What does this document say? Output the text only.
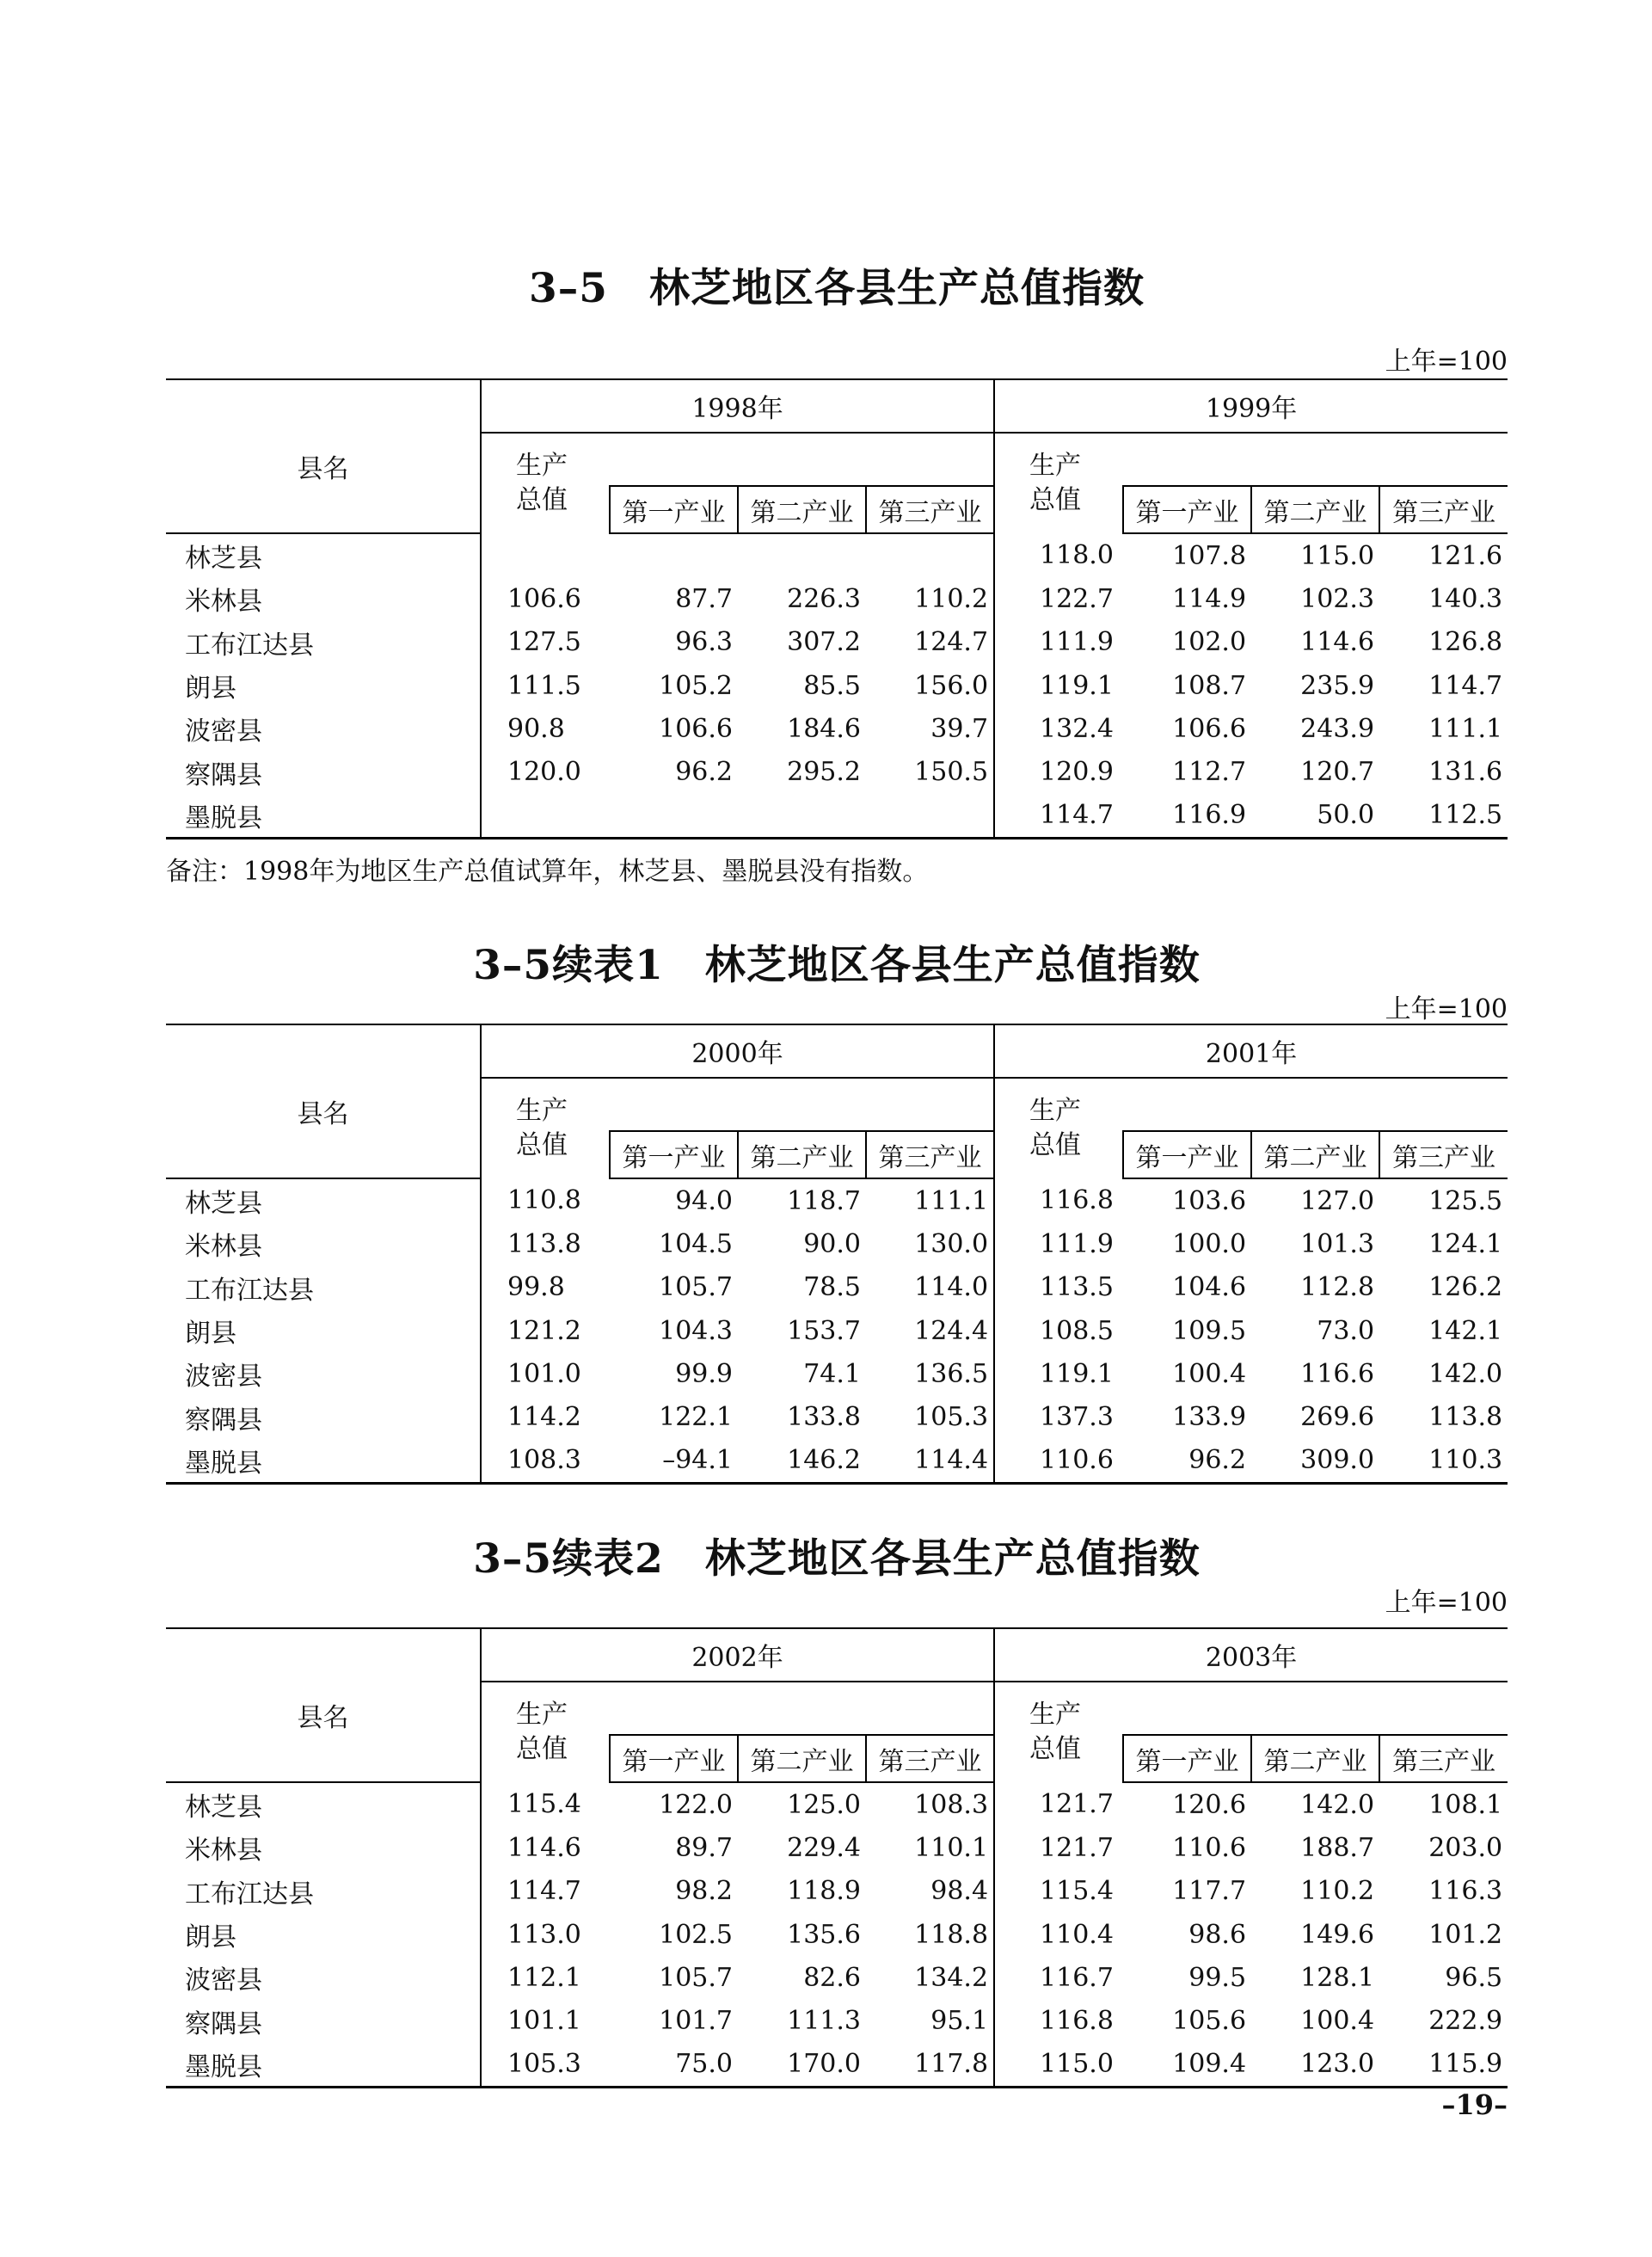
3–5　林芝地区各县生产总值指数
上年=100
县名	1998年				1999年			
	生产
总值				生产
总值			
		第一产业	第二产业	第三产业		第一产业	第二产业	第三产业
林芝县					118.0	107.8	115.0	121.6
米林县	106.6	87.7	226.3	110.2	122.7	114.9	102.3	140.3
工布江达县	127.5	96.3	307.2	124.7	111.9	102.0	114.6	126.8
朗县	111.5	105.2	85.5	156.0	119.1	108.7	235.9	114.7
波密县	90.8	106.6	184.6	39.7	132.4	106.6	243.9	111.1
察隅县	120.0	96.2	295.2	150.5	120.9	112.7	120.7	131.6
墨脱县					114.7	116.9	50.0	112.5
备注：1998年为地区生产总值试算年，林芝县、墨脱县没有指数。
3–5续表1　林芝地区各县生产总值指数
上年=100
县名	2000年				2001年			
	生产
总值				生产
总值			
		第一产业	第二产业	第三产业		第一产业	第二产业	第三产业
林芝县	110.8	94.0	118.7	111.1	116.8	103.6	127.0	125.5
米林县	113.8	104.5	90.0	130.0	111.9	100.0	101.3	124.1
工布江达县	99.8	105.7	78.5	114.0	113.5	104.6	112.8	126.2
朗县	121.2	104.3	153.7	124.4	108.5	109.5	73.0	142.1
波密县	101.0	99.9	74.1	136.5	119.1	100.4	116.6	142.0
察隅县	114.2	122.1	133.8	105.3	137.3	133.9	269.6	113.8
墨脱县	108.3	–94.1	146.2	114.4	110.6	96.2	309.0	110.3
3–5续表2　林芝地区各县生产总值指数
上年=100
县名	2002年				2003年			
	生产
总值				生产
总值			
		第一产业	第二产业	第三产业		第一产业	第二产业	第三产业
林芝县	115.4	122.0	125.0	108.3	121.7	120.6	142.0	108.1
米林县	114.6	89.7	229.4	110.1	121.7	110.6	188.7	203.0
工布江达县	114.7	98.2	118.9	98.4	115.4	117.7	110.2	116.3
朗县	113.0	102.5	135.6	118.8	110.4	98.6	149.6	101.2
波密县	112.1	105.7	82.6	134.2	116.7	99.5	128.1	96.5
察隅县	101.1	101.7	111.3	95.1	116.8	105.6	100.4	222.9
墨脱县	105.3	75.0	170.0	117.8	115.0	109.4	123.0	115.9
–19–
